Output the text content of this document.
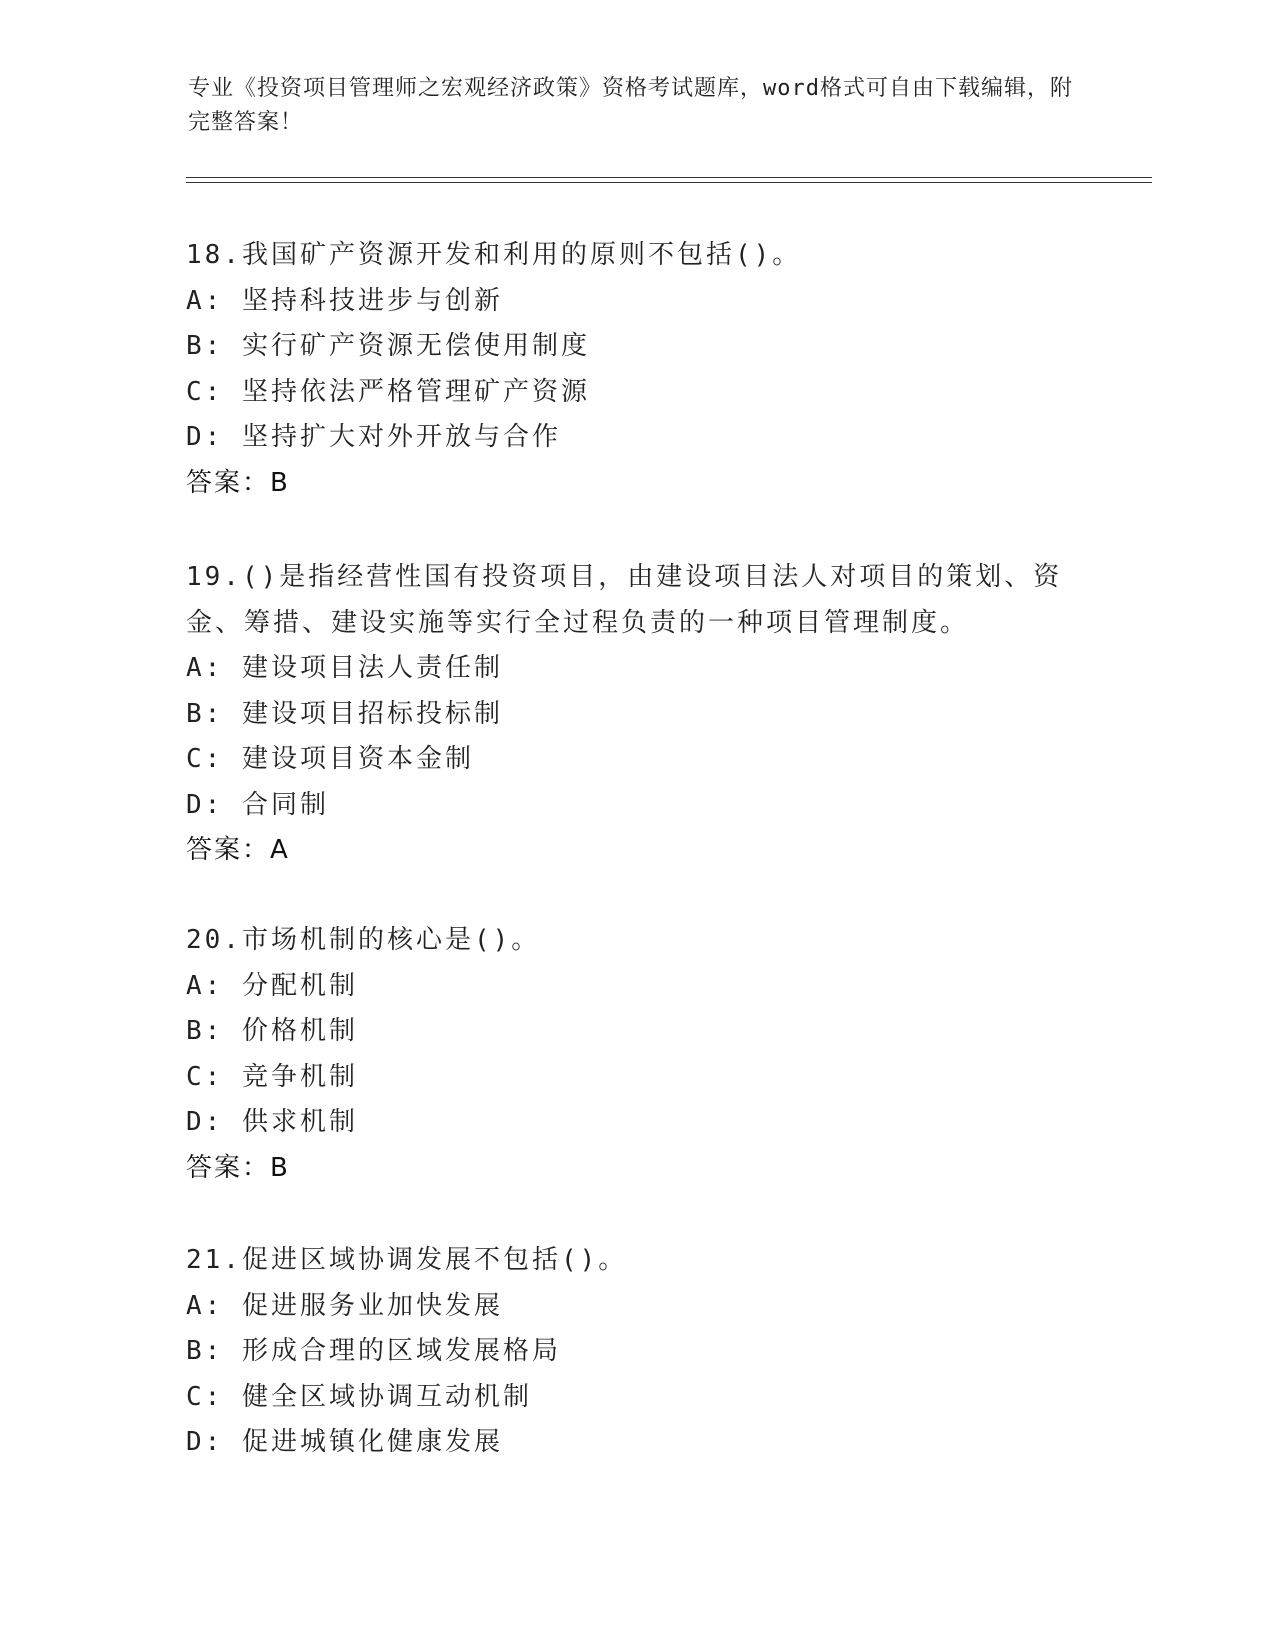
专业《投资项目管理师之宏观经济政策》资格考试题库，word格式可自由下载编辑，附完整答案！
18.我国矿产资源开发和利用的原则不包括()。
A: 坚持科技进步与创新
B: 实行矿产资源无偿使用制度
C: 坚持依法严格管理矿产资源
D: 坚持扩大对外开放与合作
答案：B
19.()是指经营性国有投资项目，由建设项目法人对项目的策划、资金、筹措、建设实施等实行全过程负责的一种项目管理制度。
A: 建设项目法人责任制
B: 建设项目招标投标制
C: 建设项目资本金制
D: 合同制
答案：A
20.市场机制的核心是()。
A: 分配机制
B: 价格机制
C: 竞争机制
D: 供求机制
答案：B
21.促进区域协调发展不包括()。
A: 促进服务业加快发展
B: 形成合理的区域发展格局
C: 健全区域协调互动机制
D: 促进城镇化健康发展
